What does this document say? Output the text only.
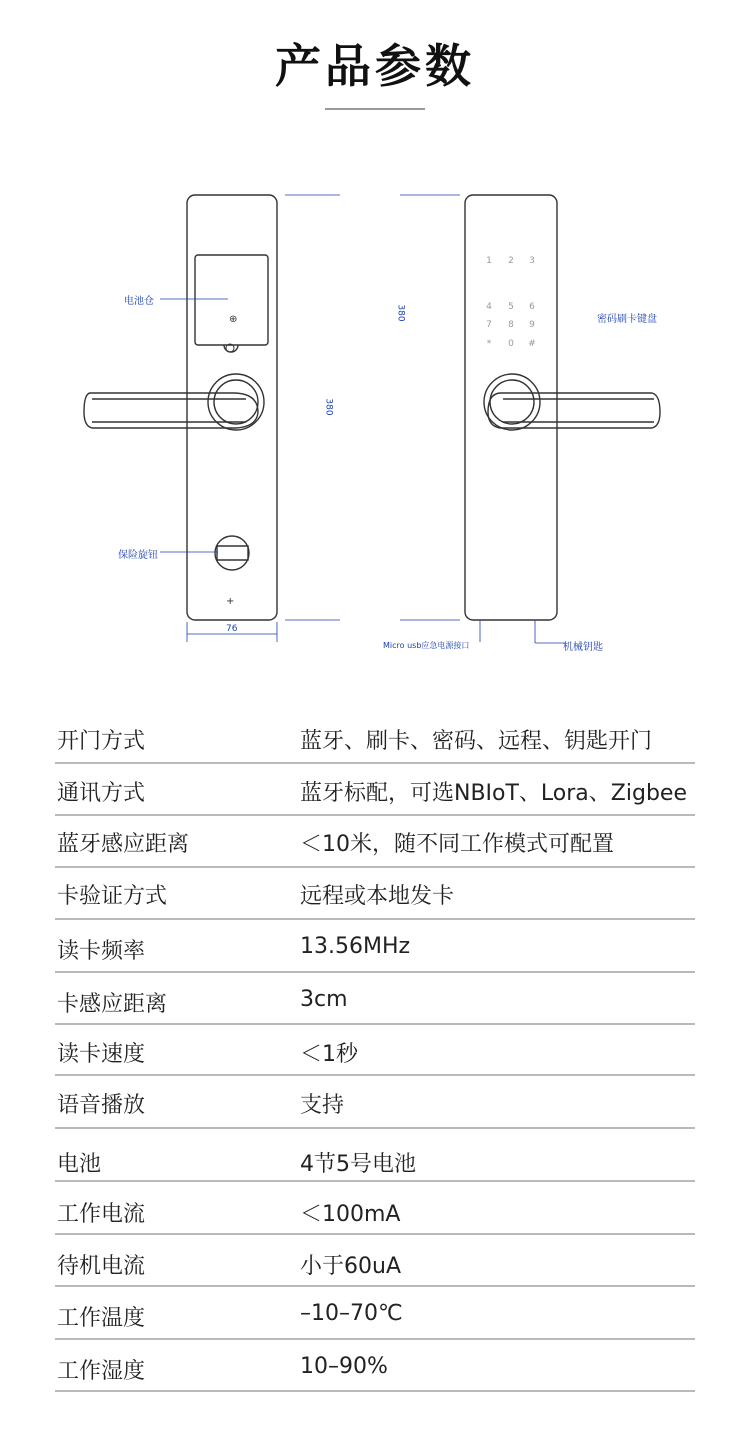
产品参数
⊕
+
电池仓
保险旋钮
密码刷卡键盘
机械钥匙
Micro usb应急电源接口
76
380
380
1	2	3
4	5	6
7	8	9
*	0	#
开门方式	蓝牙、刷卡、密码、远程、钥匙开门
通讯方式	蓝牙标配，可选NBIoT、Lora、Zigbee
蓝牙感应距离	＜10米，随不同工作模式可配置
卡验证方式	远程或本地发卡
读卡频率	13.56MHz
卡感应距离	3cm
读卡速度	＜1秒
语音播放	支持
电池	4节5号电池
工作电流	＜100mA
待机电流	小于60uA
工作温度	–10–70℃
工作湿度	10–90%
